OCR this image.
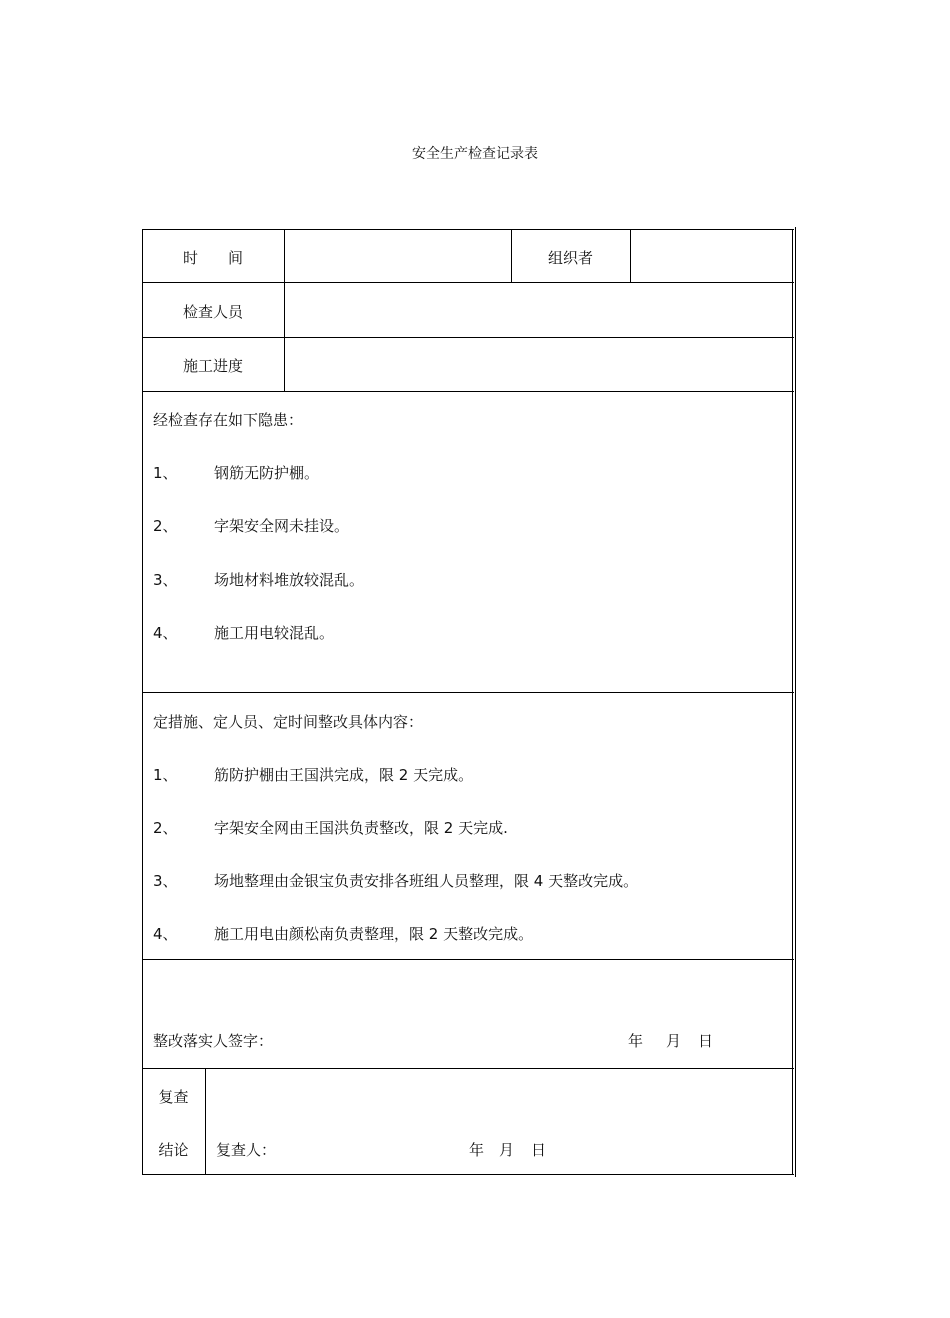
安全生产检查记录表
时　　间	组织者
检查人员
施工进度
经检查存在如下隐患：
1、 钢筋无防护棚。
2、 字架安全网未挂设。
3、 场地材料堆放较混乱。
4、 施工用电较混乱。
定措施、定人员、定时间整改具体内容：
1、 筋防护棚由王国洪完成，限 2 天完成。
2、 字架安全网由王国洪负责整改，限 2 天完成.
3、 场地整理由金银宝负责安排各班组人员整理，限 4 天整改完成。
4、 施工用电由颜松南负责整理，限 2 天整改完成。
整改落实人签字：	年 月 日
复查
结论	复查人：	年 月 日
